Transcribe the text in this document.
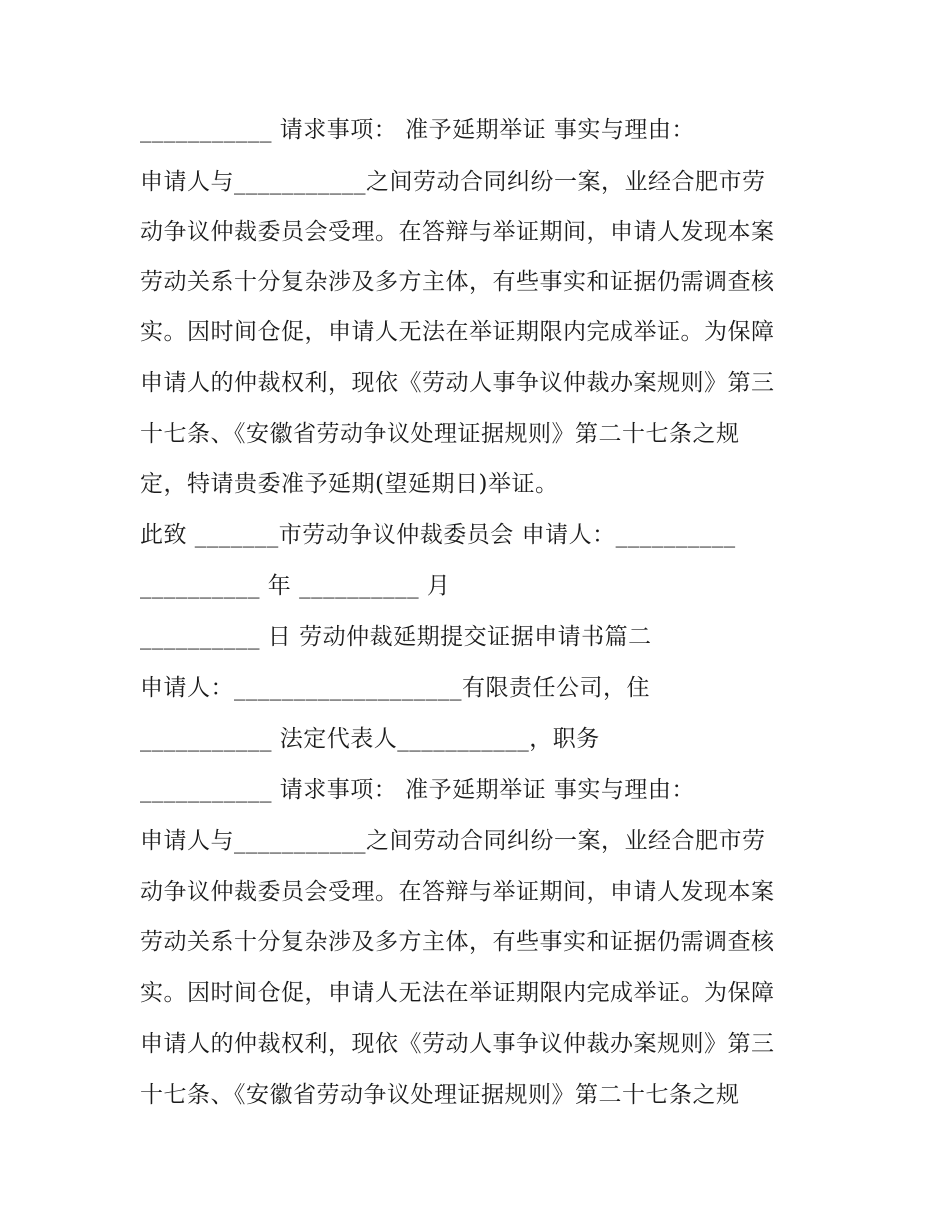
___________ 请求事项： 准予延期举证 事实与理由：
申请人与___________之间劳动合同纠纷一案，业经合肥市劳
动争议仲裁委员会受理。在答辩与举证期间，申请人发现本案
劳动关系十分复杂涉及多方主体，有些事实和证据仍需调查核
实。因时间仓促，申请人无法在举证期限内完成举证。为保障
申请人的仲裁权利，现依《劳动人事争议仲裁办案规则》第三
十七条、《安徽省劳动争议处理证据规则》第二十七条之规
定，特请贵委准予延期(望延期日)举证。
此致 _______市劳动争议仲裁委员会 申请人：__________
__________ 年 __________ 月
__________ 日 劳动仲裁延期提交证据申请书篇二
申请人：___________________有限责任公司，住
___________ 法定代表人___________，职务
___________ 请求事项： 准予延期举证 事实与理由：
申请人与___________之间劳动合同纠纷一案，业经合肥市劳
动争议仲裁委员会受理。在答辩与举证期间，申请人发现本案
劳动关系十分复杂涉及多方主体，有些事实和证据仍需调查核
实。因时间仓促，申请人无法在举证期限内完成举证。为保障
申请人的仲裁权利，现依《劳动人事争议仲裁办案规则》第三
十七条、《安徽省劳动争议处理证据规则》第二十七条之规
